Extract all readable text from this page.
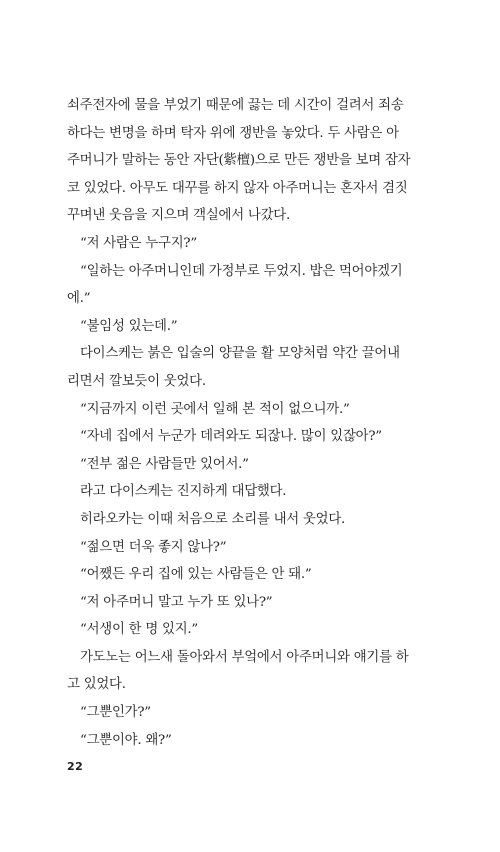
쇠주전자에 물을 부었기 때문에 끓는 데 시간이 걸려서 죄송
하다는 변명을 하며 탁자 위에 쟁반을 놓았다. 두 사람은 아
주머니가 말하는 동안 자단(紫檀)으로 만든 쟁반을 보며 잠자
코 있었다. 아무도 대꾸를 하지 않자 아주머니는 혼자서 겸짓
꾸며낸 웃음을 지으며 객실에서 나갔다.

“저 사람은 누구지?”

“일하는 아주머니인데 가정부로 두었지. 밥은 먹어야겠기

에.”

“불임성 있는데.”

다이스케는 붉은 입술의 양끝을 활 모양처럼 약간 끌어내

리면서 깔보듯이 웃었다.

“지금까지 이런 곳에서 일해 본 적이 없으니까.”

“자네 집에서 누군가 데려와도 되잖나. 많이 있잖아?”

“전부 젊은 사람들만 있어서.”

라고 다이스케는 진지하게 대답했다.

히라오카는 이때 처음으로 소리를 내서 웃었다.

“젊으면 더욱 좋지 않나?”

“어쨌든 우리 집에 있는 사람들은 안 돼.”

“저 아주머니 말고 누가 또 있나?”

“서생이 한 명 있지.”

가도노는 어느새 돌아와서 부엌에서 아주머니와 얘기를 하

고 있었다.

“그뿐인가?”

“그뿐이야. 왜?”

22
